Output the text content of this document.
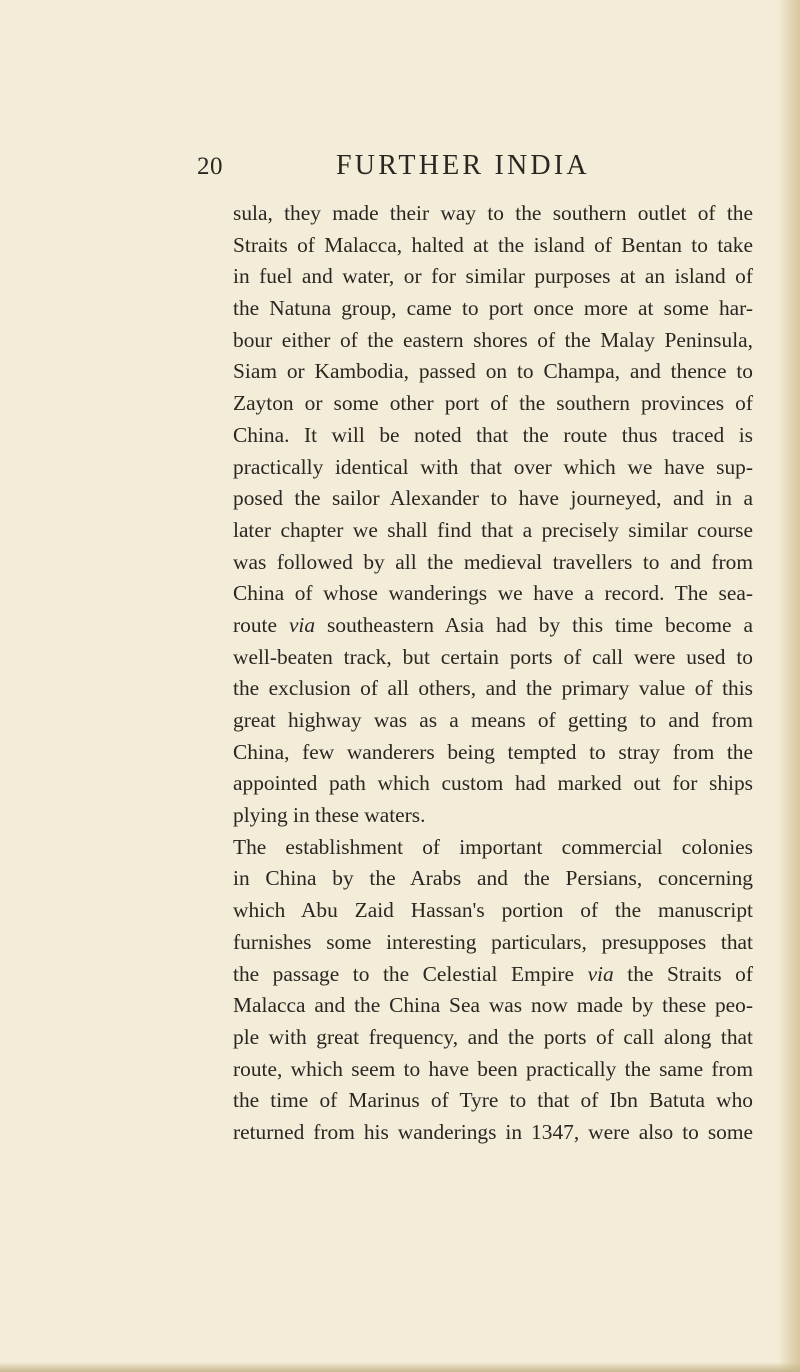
20	FURTHER INDIA
sula, they made their way to the southern outlet of the
Straits of Malacca, halted at the island of Bentan to take
in fuel and water, or for similar purposes at an island of
the Natuna group, came to port once more at some har-
bour either of the eastern shores of the Malay Peninsula,
Siam or Kambodia, passed on to Champa, and thence to
Zayton or some other port of the southern provinces of
China. It will be noted that the route thus traced is
practically identical with that over which we have sup-
posed the sailor Alexander to have journeyed, and in a
later chapter we shall find that a precisely similar course
was followed by all the medieval travellers to and from
China of whose wanderings we have a record. The sea-
route via southeastern Asia had by this time become a
well-beaten track, but certain ports of call were used to
the exclusion of all others, and the primary value of this
great highway was as a means of getting to and from
China, few wanderers being tempted to stray from the
appointed path which custom had marked out for ships
plying in these waters.
The establishment of important commercial colonies
in China by the Arabs and the Persians, concerning
which Abu Zaid Hassan's portion of the manuscript
furnishes some interesting particulars, presupposes that
the passage to the Celestial Empire via the Straits of
Malacca and the China Sea was now made by these peo-
ple with great frequency, and the ports of call along that
route, which seem to have been practically the same from
the time of Marinus of Tyre to that of Ibn Batuta who
returned from his wanderings in 1347, were also to some
